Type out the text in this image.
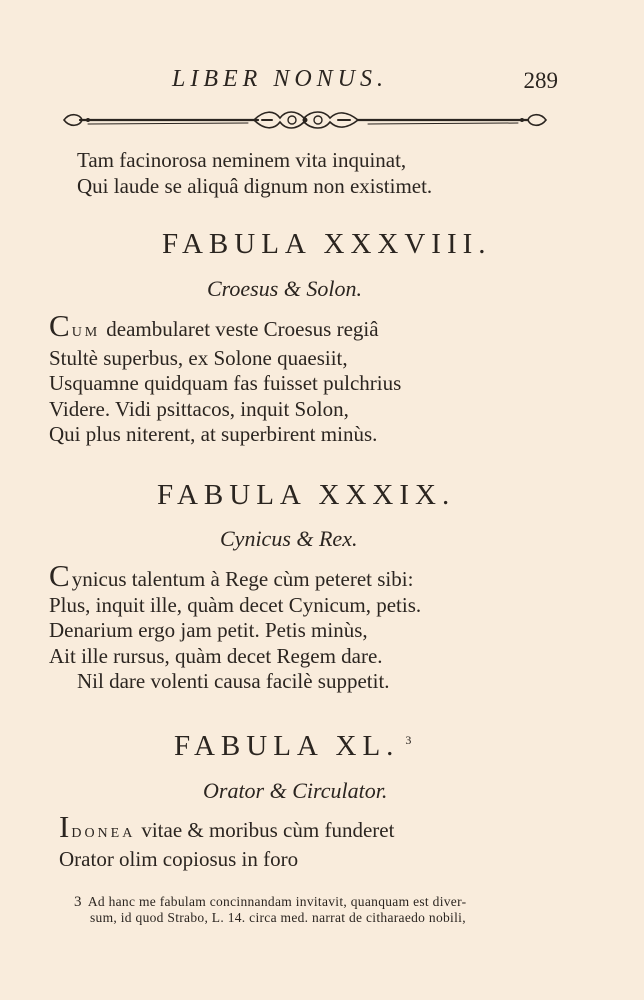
LIBER NONUS.	289
Tam facinorosa neminem vita inquinat,
Qui laude se aliquâ dignum non existimet.
FABULA XXXVIII.
Croesus & Solon.
CUM deambularet veste Croesus regiâ
Stultè superbus, ex Solone quaesiit,
Usquamne quidquam fas fuisset pulchrius
Videre. Vidi psittacos, inquit Solon,
Qui plus niterent, at superbirent minùs.
FABULA XXXIX.
Cynicus & Rex.
Cynicus talentum à Rege cùm peteret sibi:
Plus, inquit ille, quàm decet Cynicum, petis.
Denarium ergo jam petit. Petis minùs,
Ait ille rursus, quàm decet Regem dare.
Nil dare volenti causa facilè suppetit.
FABULA XL. $^3$
Orator & Circulator.
IDONEA vitae & moribus cùm funderet
Orator olim copiosus in foro
3 Ad hanc me fabulam concinnandam invitavit, quanquam est diver-
sum, id quod Strabo, L. 14. circa med. narrat de citharaedo nobili,
